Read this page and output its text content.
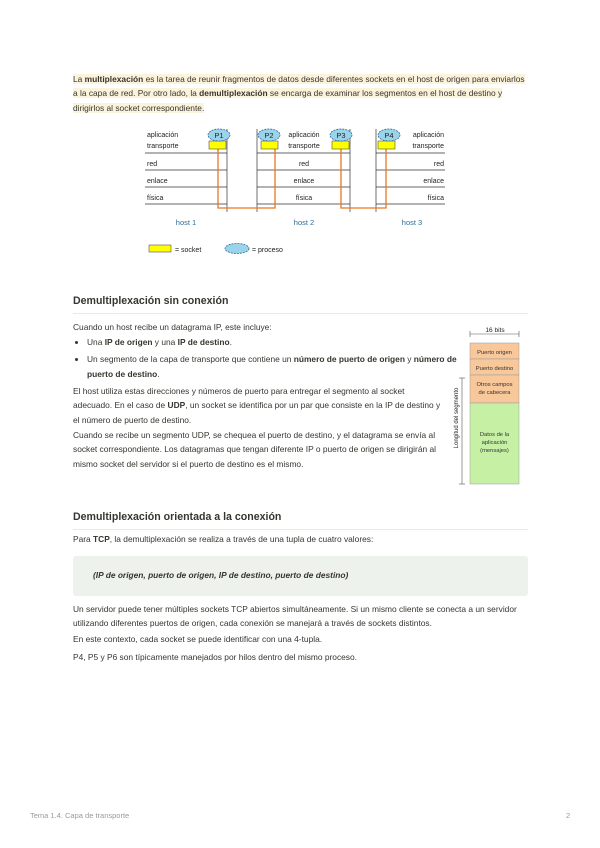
La multiplexación es la tarea de reunir fragmentos de datos desde diferentes sockets en el host de origen para enviarlos a la capa de red. Por otro lado, la demultiplexación se encarga de examinar los segmentos en el host de destino y dirigirlos al socket correspondiente.

P1	P2	P3	P4
aplicación
transporte
red
enlace
física
aplicación
transporte
red
enlace
física
aplicación
transporte
red
enlace
física
host 1	host 2	host 3
= socket	= proceso
Demultiplexación sin conexión

Cuando un host recibe un datagrama IP, este incluye:

• Una IP de origen y una IP de destino.
• Un segmento de la capa de transporte que contiene un número de puerto de origen y número de puerto de destino.

El host utiliza estas direcciones y números de puerto para entregar el segmento al socket adecuado. En el caso de UDP, un socket se identifica por un par que consiste en la IP de destino y el número de puerto de destino.

Cuando se recibe un segmento UDP, se chequea el puerto de destino, y el datagrama se envía al socket correspondiente. Los datagramas que tengan diferente IP o puerto de origen se dirigirán al mismo socket del servidor si el puerto de destino es el mismo.

16 bits
Puerto origen
Puerto destino
Otros campos
de cabecera
Datos de la
aplicación
(mensajes)
Longitud del segmento
Demultiplexación orientada a la conexión

Para TCP, la demultiplexación se realiza a través de una tupla de cuatro valores:

(IP de origen, puerto de origen, IP de destino, puerto de destino)

Un servidor puede tener múltiples sockets TCP abiertos simultáneamente. Si un mismo cliente se conecta a un servidor utilizando diferentes puertos de origen, cada conexión se manejará a través de sockets distintos.

En este contexto, cada socket se puede identificar con una 4-tupla.

P4, P5 y P6 son típicamente manejados por hilos dentro del mismo proceso.

Tema 1.4. Capa de transporte	2
